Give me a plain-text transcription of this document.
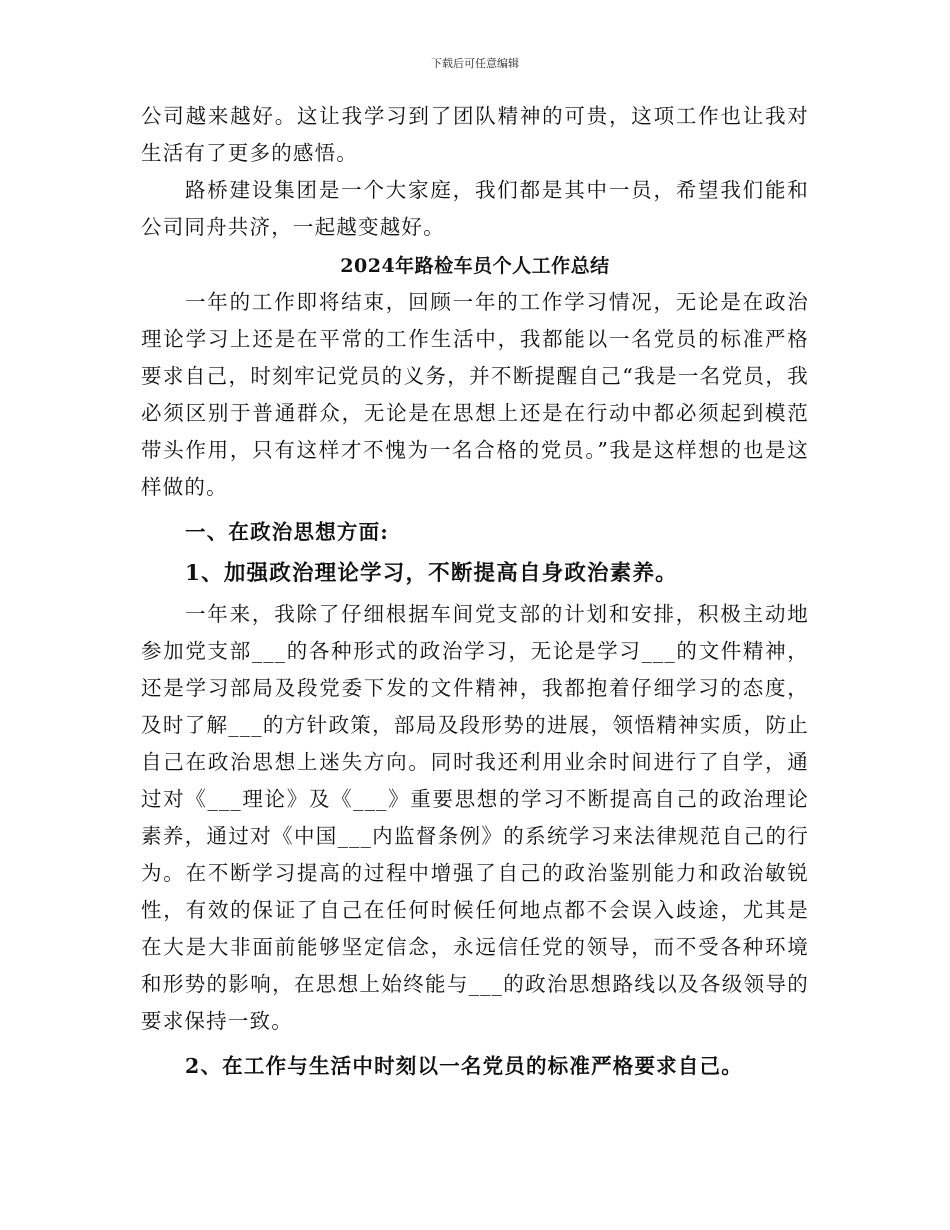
下载后可任意编辑

公司越来越好。这让我学习到了团队精神的可贵，这项工作也让我对生活有了更多的感悟。

路桥建设集团是一个大家庭，我们都是其中一员，希望我们能和公司同舟共济，一起越变越好。

2024年路检车员个人工作总结

一年的工作即将结束，回顾一年的工作学习情况，无论是在政治理论学习上还是在平常的工作生活中，我都能以一名党员的标准严格要求自己，时刻牢记党员的义务，并不断提醒自己“我是一名党员，我必须区别于普通群众，无论是在思想上还是在行动中都必须起到模范带头作用，只有这样才不愧为一名合格的党员。”我是这样想的也是这样做的。

一、在政治思想方面:
1、加强政治理论学习，不断提高自身政治素养。

一年来，我除了仔细根据车间党支部的计划和安排，积极主动地参加党支部___的各种形式的政治学习，无论是学习___的文件精神，还是学习部局及段党委下发的文件精神，我都抱着仔细学习的态度，及时了解___的方针政策，部局及段形势的进展，领悟精神实质，防止自己在政治思想上迷失方向。同时我还利用业余时间进行了自学，通过对《___理论》及《___》重要思想的学习不断提高自己的政治理论素养，通过对《中国___内监督条例》的系统学习来法律规范自己的行为。在不断学习提高的过程中增强了自己的政治鉴别能力和政治敏锐性，有效的保证了自己在任何时候任何地点都不会误入歧途，尤其是在大是大非面前能够坚定信念，永远信任党的领导，而不受各种环境和形势的影响，在思想上始终能与___的政治思想路线以及各级领导的要求保持一致。

2、在工作与生活中时刻以一名党员的标准严格要求自己。
